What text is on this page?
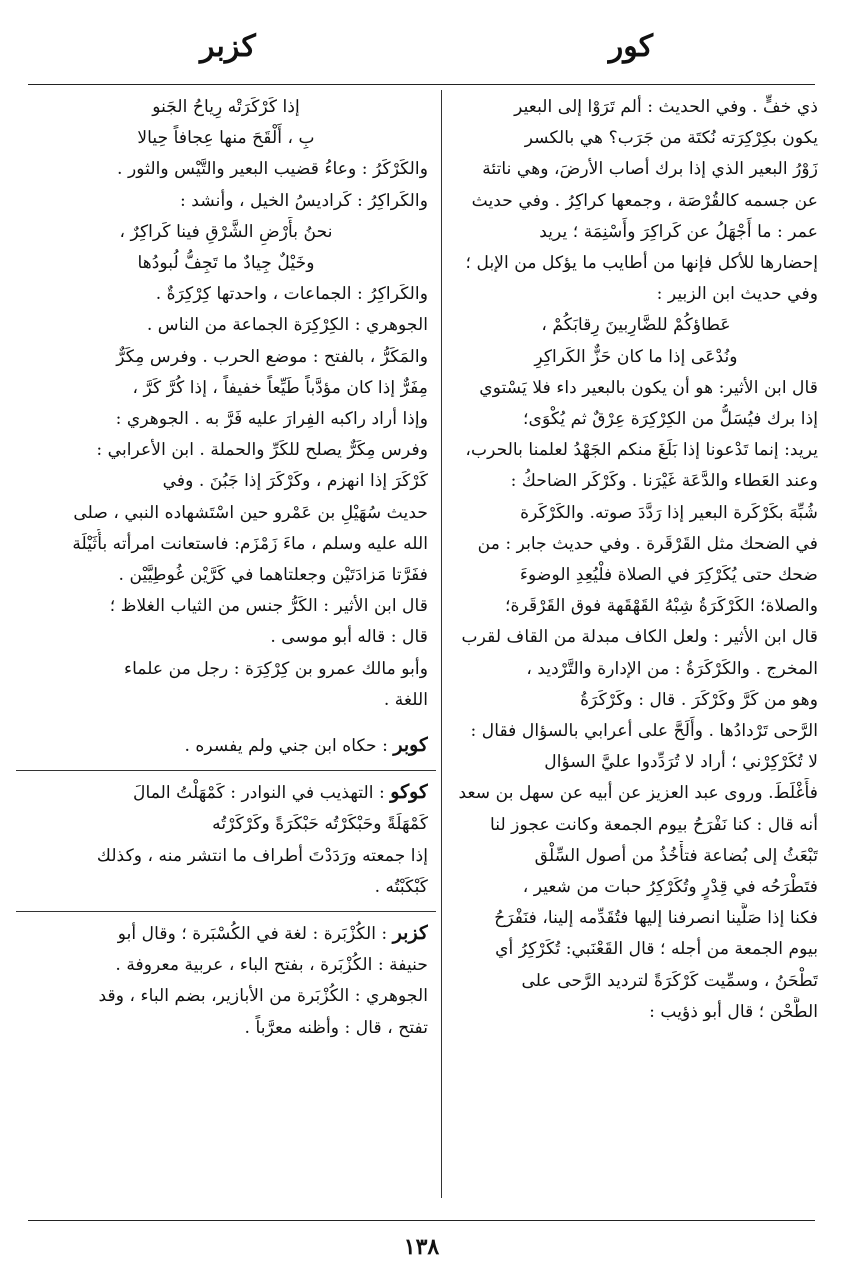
كور
كزبر
ذي خفٍّ . وفي الحديث : ألم تَرَوْا إلى البعير
يكون بكِرْكِرَته نُكتَة من جَرَب؟ هي بالكسر
زَوْرُ البعير الذي إذا برك أصاب الأرضَ، وهي ناتئة
عن جسمه كالقُرْصَة ، وجمعها كراكِرُ . وفي حديث
عمر : ما أَجْهَلُ عن كَراكِرَ وأَسْنِمَة ؛ يريد
إحضارها للأكل فإنها من أطايب ما يؤكل من الإبل ؛
وفي حديث ابن الزبير :
عَطاؤكُمْ للضَّارِبينَ رِقابَكُمْ ،
ونُدْعَى إذا ما كان حَزٌّ الكَراكِرِ
قال ابن الأثير: هو أن يكون بالبعير داء فلا يَسْتوي
إذا برك فيُسَلُّ من الكِرْكِرَة عِرْقٌ ثم يُكْوَى؛
يريد: إنما تَدْعونا إذا بَلَغَ منكم الجَهْدُ لعلمنا بالحرب،
وعند العَطاء والدَّعَة غَيْرَنا . وكَرْكَر الضاحكُ :
شُبِّهَ بكَرْكَرة البعير إذا رَدَّدَ صوته. والكَرْكَرة
في الضحك مثل القَرْقَرة . وفي حديث جابر : من
ضحك حتى يُكَرْكِرَ في الصلاة فلْيُعِدِ الوضوءَ
والصلاة؛ الكَرْكَرَةُ شِبْهُ القَهْقَهة فوق القَرْقَرة؛
قال ابن الأثير : ولعل الكاف مبدلة من القاف لقرب
المخرج . والكَرْكَرَةُ : من الإدارة والتَّرْديد ،
وهو من كَرَّ وكَرْكَرَ . قال : وكَرْكَرَةُ
الرَّحى تَرْدادُها . وأَلَحَّ على أعرابي بالسؤال فقال :
لا تُكَرْكِرْني ؛ أراد لا تُرَدِّدوا عليَّ السؤال
فأَغْلَطَ. وروى عبد العزيز عن أبيه عن سهل بن سعد
أنه قال : كنا نَفْرَحُ بيوم الجمعة وكانت عجوز لنا
تَبْعَثُ إلى بُضاعة فتأْخُذُ من أصول السِّلْق
فتَطْرَحُه في قِدْرٍ وتُكَرْكِرُ حبات من شعير ،
فكنا إذا صَلَّينا انصرفنا إليها فتُقَدِّمه إلينا، فنَفْرَحُ
بيوم الجمعة من أجله ؛ قال القَعْنَبي: تُكَرْكِرُ أي
تَطْحَنُ ، وسمِّيت كَرْكَرَةً لترديد الرَّحى على
الطَّحْن ؛ قال أبو ذؤيب :
إذا كَرْكَرَتْه رِياحُ الجَنو
بِ ، أَلْقَحَ منها عِجافاً حِيالا
والكَرْكَرُ : وعاءُ قضيب البعير والتَّيْس والثور .
والكَراكِرُ : كَراديسُ الخيل ، وأنشد :
نحنُ بأَرْضِ الشَّرْقِ فينا كَراكِرٌ ،
وخَيْلٌ جِيادٌ ما تَجِفُّ لُبودُها
والكَراكِرُ : الجماعات ، واحدتها كِرْكِرَةٌ .
الجوهري : الكِرْكِرَة الجماعة من الناس .
والمَكَرُّ ، بالفتح : موضع الحرب . وفرس مِكَرٌّ
مِفَرٌّ إذا كان مؤدَّباً طَيِّعاً خفيفاً ، إذا كُرَّ كَرَّ ،
وإذا أراد راكبه الفِرارَ عليه فَرَّ به . الجوهري :
وفرس مِكَرٌّ يصلح للكَرِّ والحملة . ابن الأعرابي :
كَرْكَرَ إذا انهزم ، وكَرْكَرَ إذا جَبُنَ . وفي
حديث سُهَيْلِ بن عَمْرو حين اسْتَشهاده النبي ، صلى
الله عليه وسلم ، ماءَ زَمْزَم: فاستعانت امرأته بأُثَيْلَة
ففَرَّتا مَزادَتَيْن وجعلتاهما في كَرَّيْن غُوطِيَّيْن .
قال ابن الأثير : الكَرُّ جنس من الثياب الغلاظ ؛
قال : قاله أبو موسى .
وأبو مالك عمرو بن كِرْكِرَة : رجل من علماء
اللغة .
كوبر : حكاه ابن جني ولم يفسره .
كوكو : التهذيب في النوادر : كَمْهَلْتُ المالَ
كَمْهَلَةً وحَبْكَرْتُه حَبْكَرَةً وكَرْكَرْتُه
إذا جمعته ورَدَدْتَ أطراف ما انتشر منه ، وكذلك
كَبْكَبْتُه .
كزبر : الكُزْبَرة : لغة في الكُسْبَرة ؛ وقال أبو
حنيفة : الكُزْبَرة ، بفتح الباء ، عربية معروفة .
الجوهري : الكُزْبَرة من الأبازير، بضم الباء ، وقد
تفتح ، قال : وأظنه معرَّباً .
١٣٨
